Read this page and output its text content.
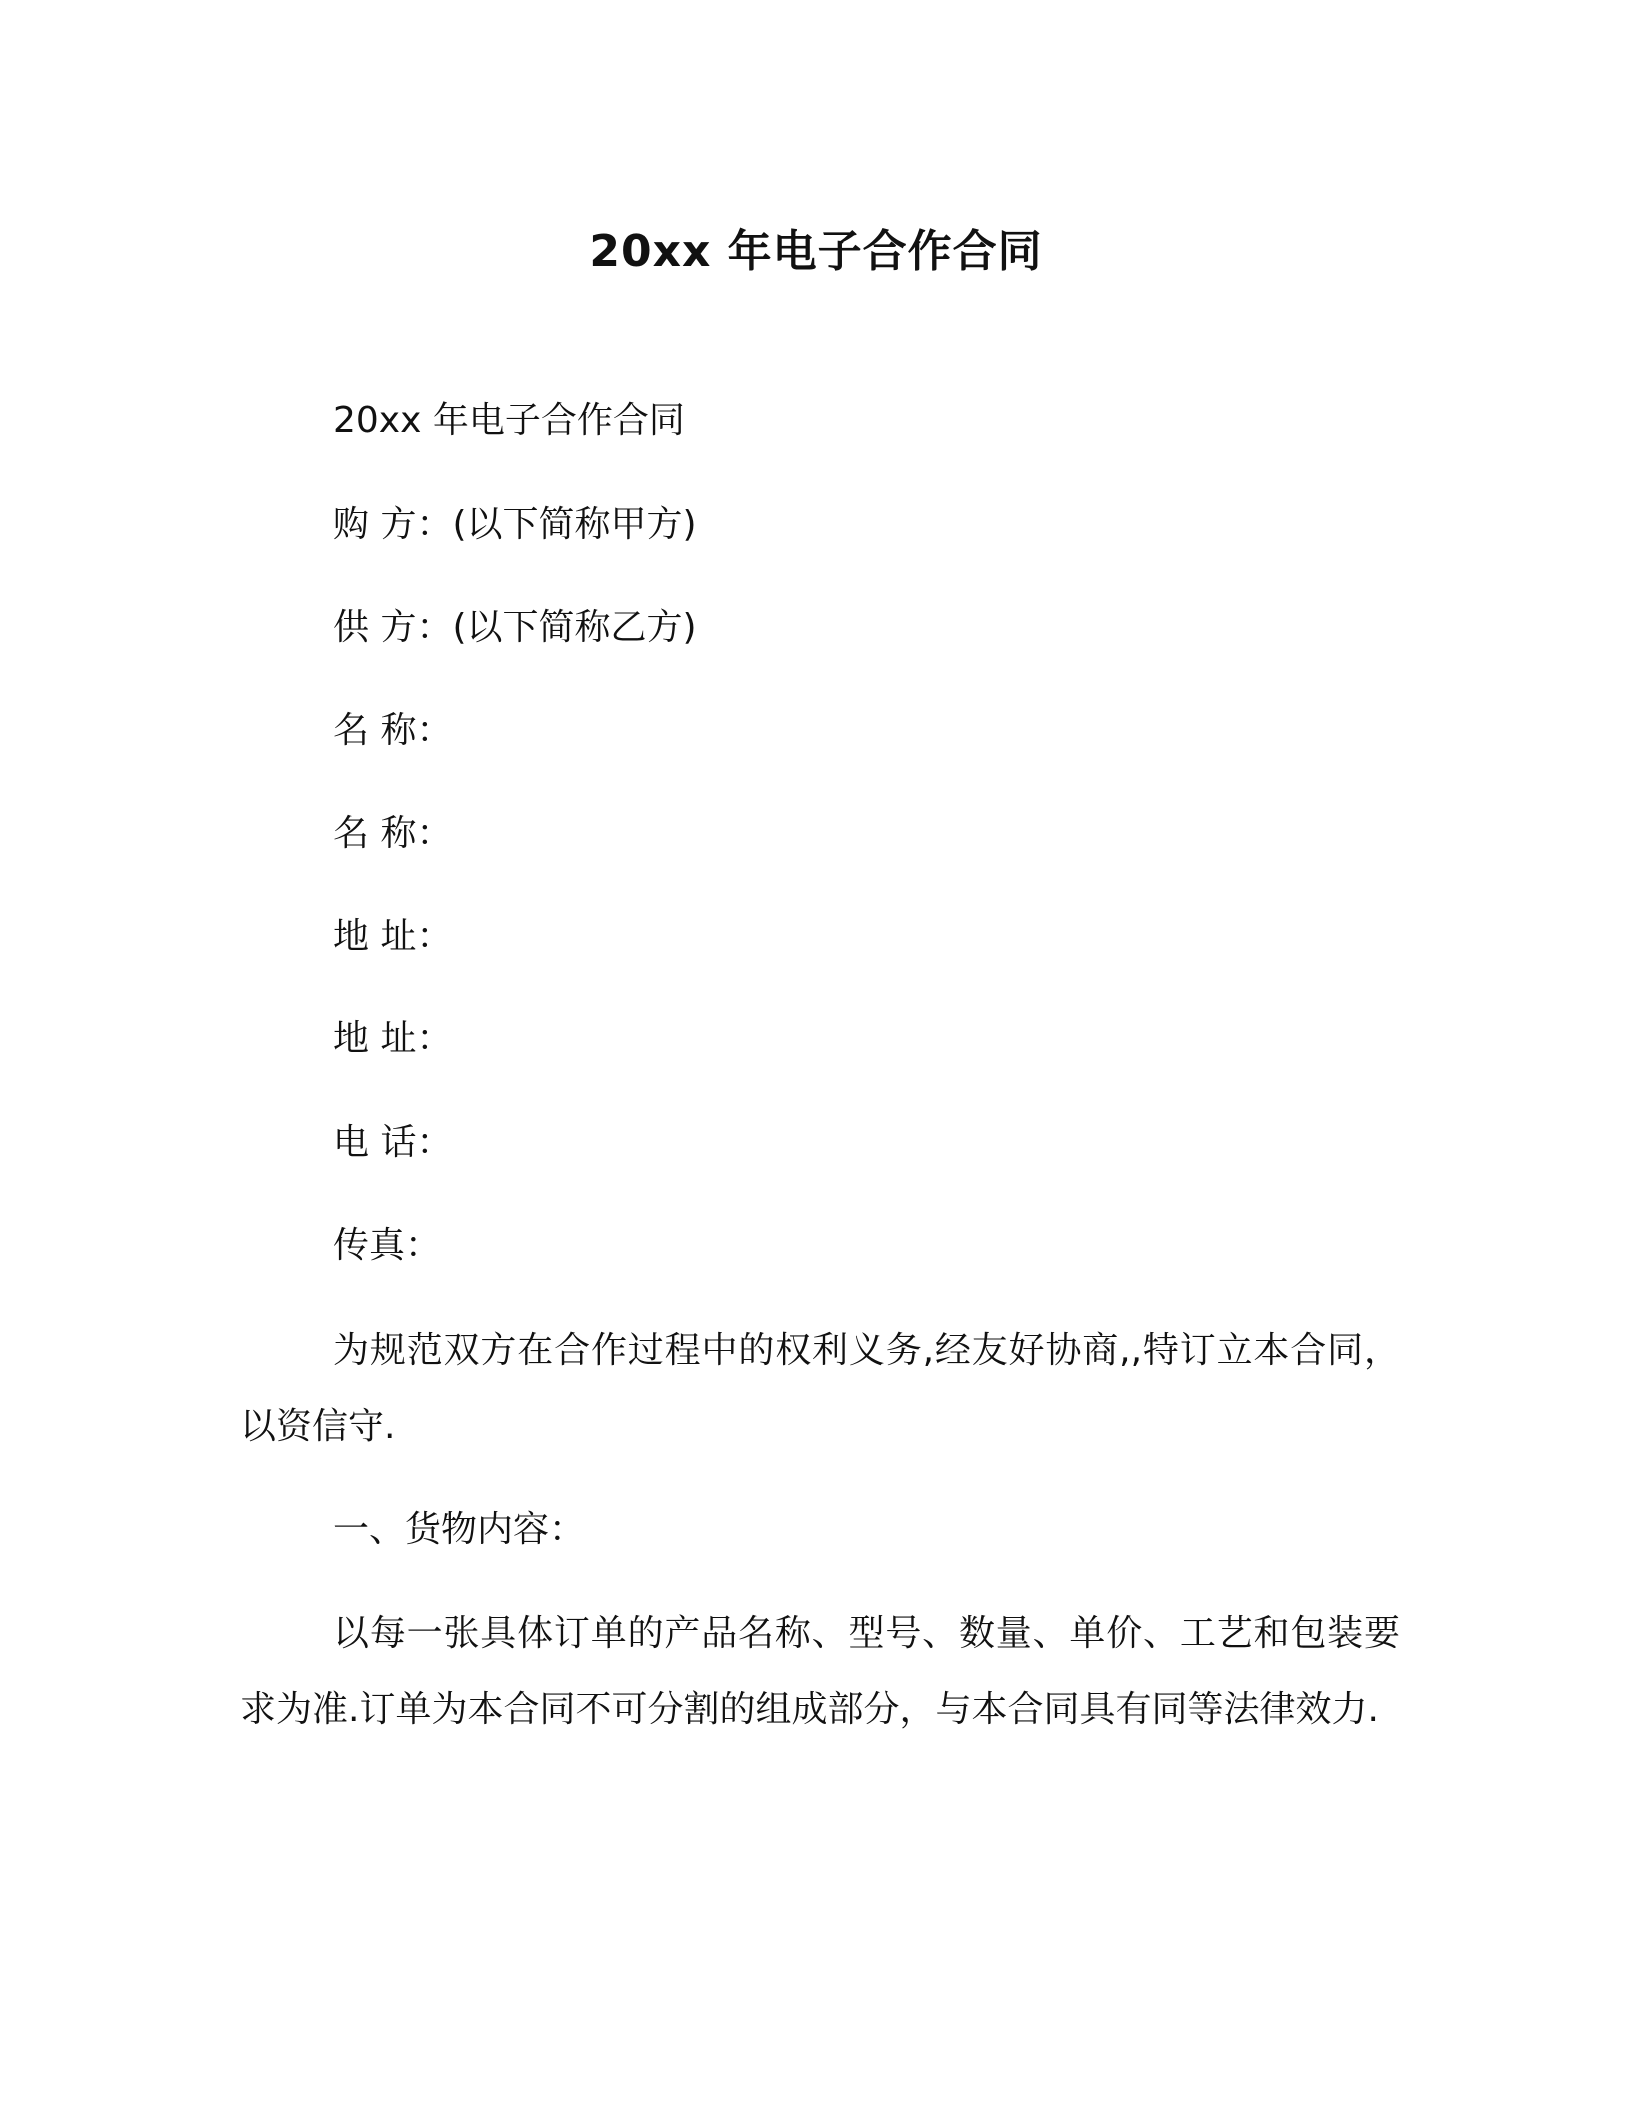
20xx 年电子合作合同
20xx 年电子合作合同
购 方：(以下简称甲方)
供 方：(以下简称乙方)
名 称：
名 称：
地 址：
地 址：
电 话：
传真：

为规范双方在合作过程中的权利义务,经友好协商,,特订立本合同，以资信守.

一、货物内容：

以每一张具体订单的产品名称、型号、数量、单价、工艺和包装要求为准.订单为本合同不可分割的组成部分，与本合同具有同等法律效力.
